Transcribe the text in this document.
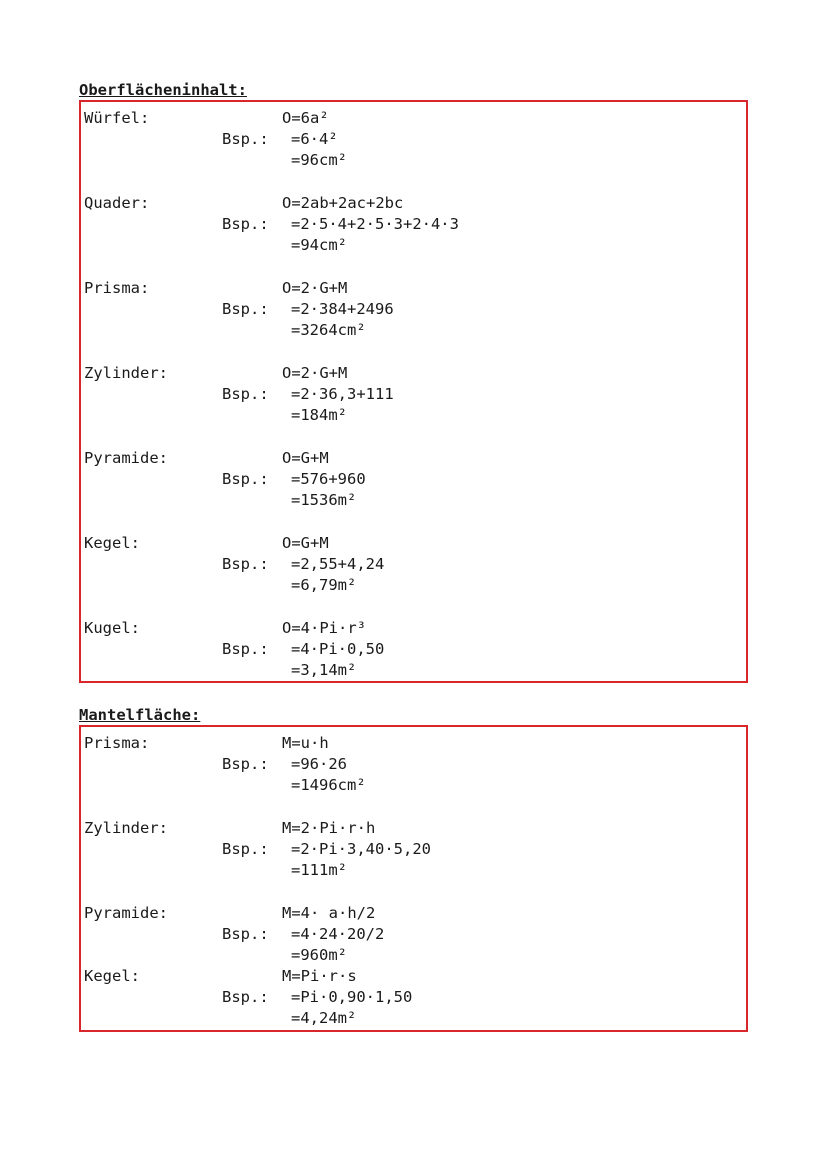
Oberflächeninhalt:
Würfel:	O=6a²
Bsp.: =6·4²
=96cm²
Quader:	O=2ab+2ac+2bc
Bsp.: =2·5·4+2·5·3+2·4·3
=94cm²
Prisma:	O=2·G+M
Bsp.: =2·384+2496
=3264cm²
Zylinder:	O=2·G+M
Bsp.: =2·36,3+111
=184m²
Pyramide:	O=G+M
Bsp.: =576+960
=1536m²
Kegel:	O=G+M
Bsp.: =2,55+4,24
=6,79m²
Kugel:	O=4·Pi·r³
Bsp.: =4·Pi·0,50
=3,14m²
Mantelfläche:
Prisma:	M=u·h
Bsp.: =96·26
=1496cm²
Zylinder:	M=2·Pi·r·h
Bsp.: =2·Pi·3,40·5,20
=111m²
Pyramide:	M=4· a·h/2
Bsp.: =4·24·20/2
=960m²
Kegel:	M=Pi·r·s
Bsp.: =Pi·0,90·1,50
=4,24m²
